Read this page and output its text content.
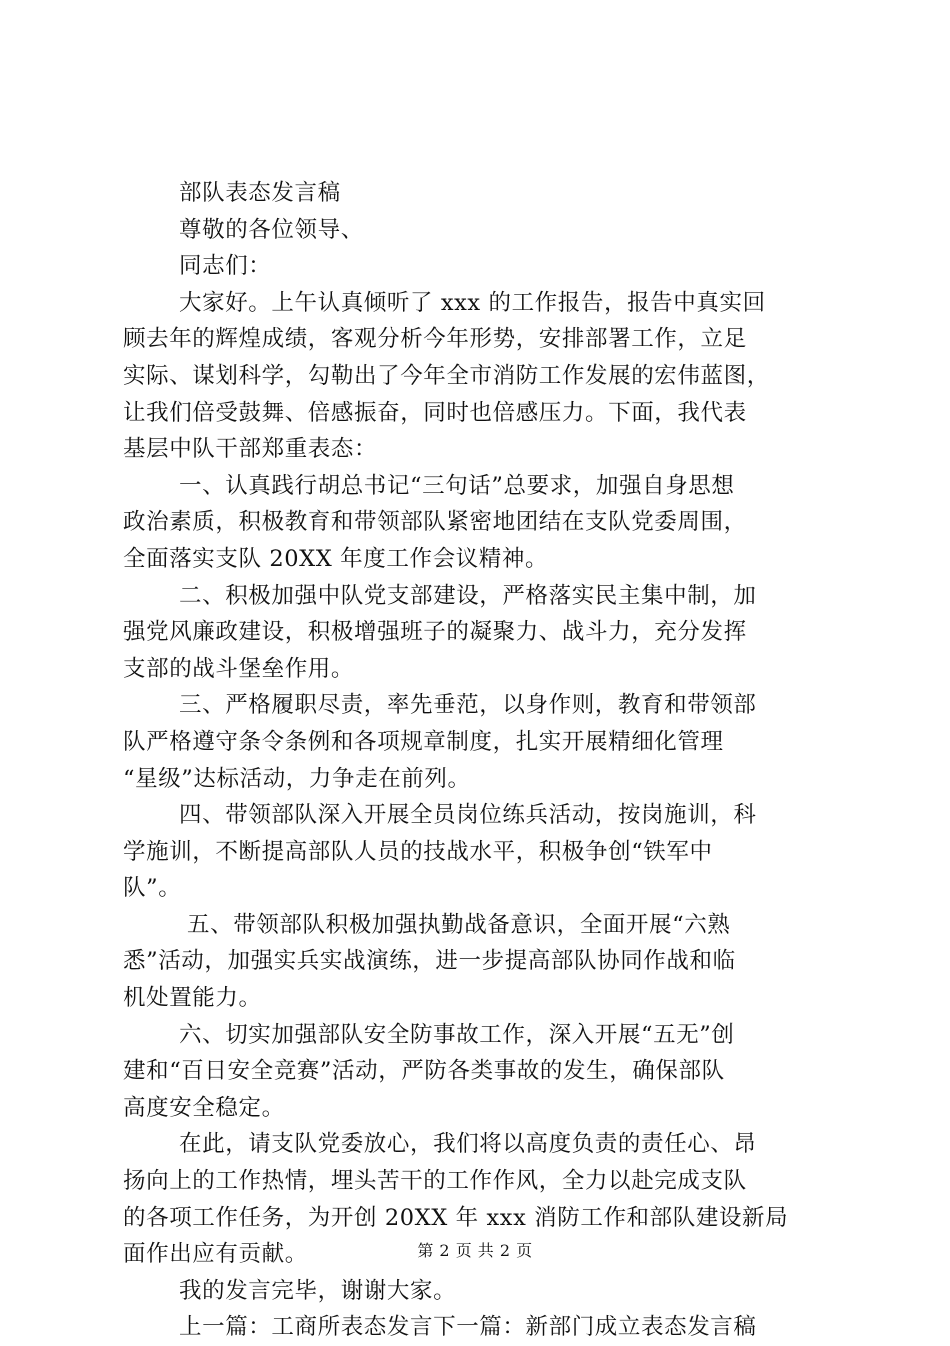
部队表态发言稿
尊敬的各位领导、
同志们：
大家好。上午认真倾听了 xxx 的工作报告，报告中真实回
顾去年的辉煌成绩，客观分析今年形势，安排部署工作，立足
实际、谋划科学，勾勒出了今年全市消防工作发展的宏伟蓝图，
让我们倍受鼓舞、倍感振奋，同时也倍感压力。下面，我代表
基层中队干部郑重表态：
一、认真践行胡总书记“三句话”总要求，加强自身思想
政治素质，积极教育和带领部队紧密地团结在支队党委周围，
全面落实支队 20XX 年度工作会议精神。
二、积极加强中队党支部建设，严格落实民主集中制，加
强党风廉政建设，积极增强班子的凝聚力、战斗力，充分发挥
支部的战斗堡垒作用。
三、严格履职尽责，率先垂范，以身作则，教育和带领部
队严格遵守条令条例和各项规章制度，扎实开展精细化管理
“星级”达标活动，力争走在前列。
四、带领部队深入开展全员岗位练兵活动，按岗施训，科
学施训，不断提高部队人员的技战水平，积极争创“铁军中
队”。
五、带领部队积极加强执勤战备意识，全面开展“六熟
悉”活动，加强实兵实战演练，进一步提高部队协同作战和临
机处置能力。
六、切实加强部队安全防事故工作，深入开展“五无”创
建和“百日安全竞赛”活动，严防各类事故的发生，确保部队
高度安全稳定。
在此，请支队党委放心，我们将以高度负责的责任心、昂
扬向上的工作热情，埋头苦干的工作作风，全力以赴完成支队
的各项工作任务，为开创 20XX 年 xxx 消防工作和部队建设新局
面作出应有贡献。
我的发言完毕，谢谢大家。
上一篇：工商所表态发言下一篇：新部门成立表态发言稿
第 2 页 共 2 页
